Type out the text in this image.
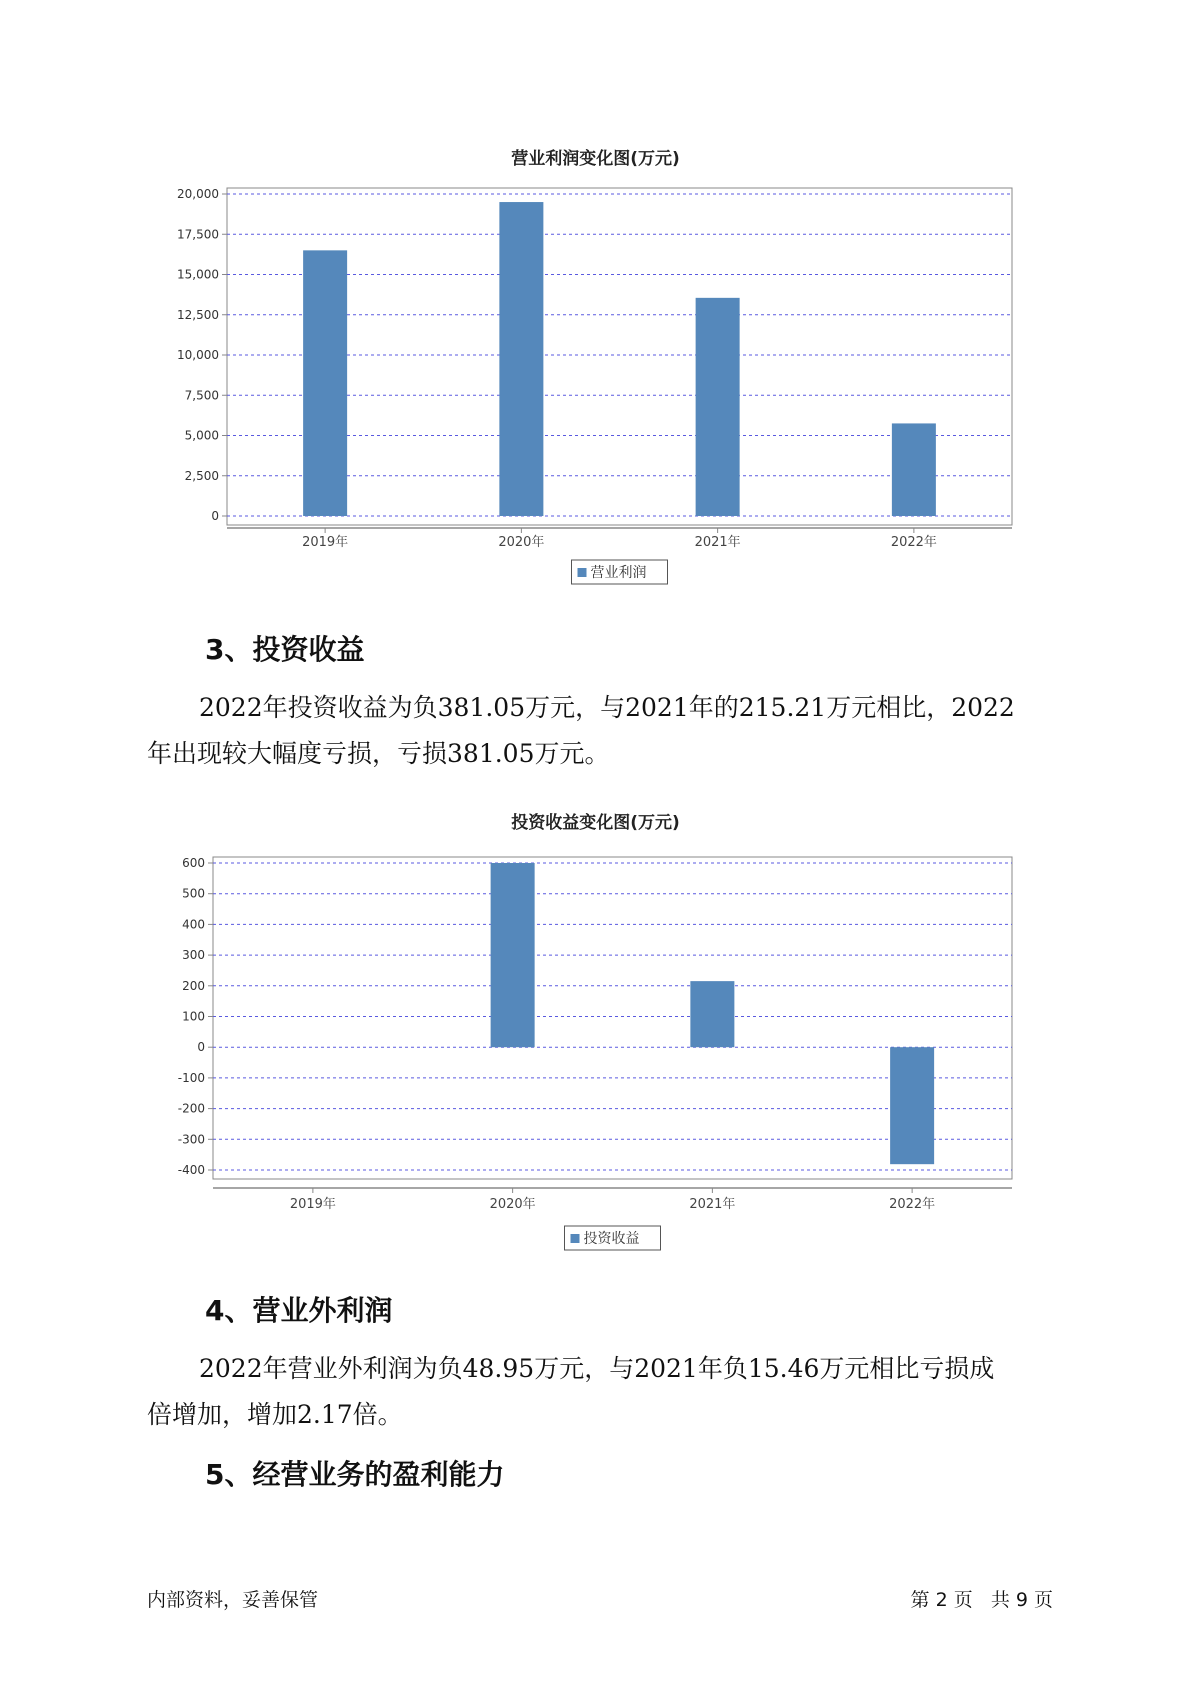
营业利润变化图(万元)
0
2,500
5,000
7,500
10,000
12,500
15,000
17,500
20,000
2019年	2020年	2021年	2022年
营业利润
3、投资收益
2022年投资收益为负381.05万元，与2021年的215.21万元相比，2022
年出现较大幅度亏损，亏损381.05万元。
投资收益变化图(万元)
-400
-300
-200
-100
0
100
200
300
400
500
600
2019年	2020年	2021年	2022年
投资收益
4、营业外利润
2022年营业外利润为负48.95万元，与2021年负15.46万元相比亏损成
倍增加，增加2.17倍。
5、经营业务的盈利能力
内部资料，妥善保管	第 2 页   共 9 页
